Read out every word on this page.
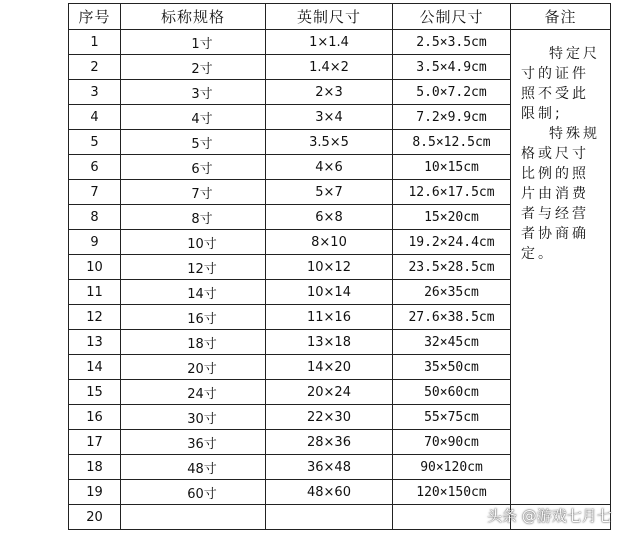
序号	标称规格	英制尺寸	公制尺寸	备注
1	1寸	1×1.4	2.5×3.5cm	特定尺寸的证件照不受此限制;
特殊规格或尺寸比例的照片由消费者与经营者协商确定。

2	2寸	1.4×2	3.5×4.9cm	
3	3寸	2×3	5.0×7.2cm	
4	4寸	3×4	7.2×9.9cm	
5	5寸	3.5×5	8.5×12.5cm	
6	6寸	4×6	10×15cm	
7	7寸	5×7	12.6×17.5cm	
8	8寸	6×8	15×20cm	
9	10寸	8×10	19.2×24.4cm	
10	12寸	10×12	23.5×28.5cm	
11	14寸	10×14	26×35cm	
12	16寸	11×16	27.6×38.5cm	
13	18寸	13×18	32×45cm	
14	20寸	14×20	35×50cm	
15	24寸	20×24	50×60cm	
16	30寸	22×30	55×75cm	
17	36寸	28×36	70×90cm	
18	48寸	36×48	90×120cm	
19	60寸	48×60	120×150cm	
20					头条 @游戏七月七
